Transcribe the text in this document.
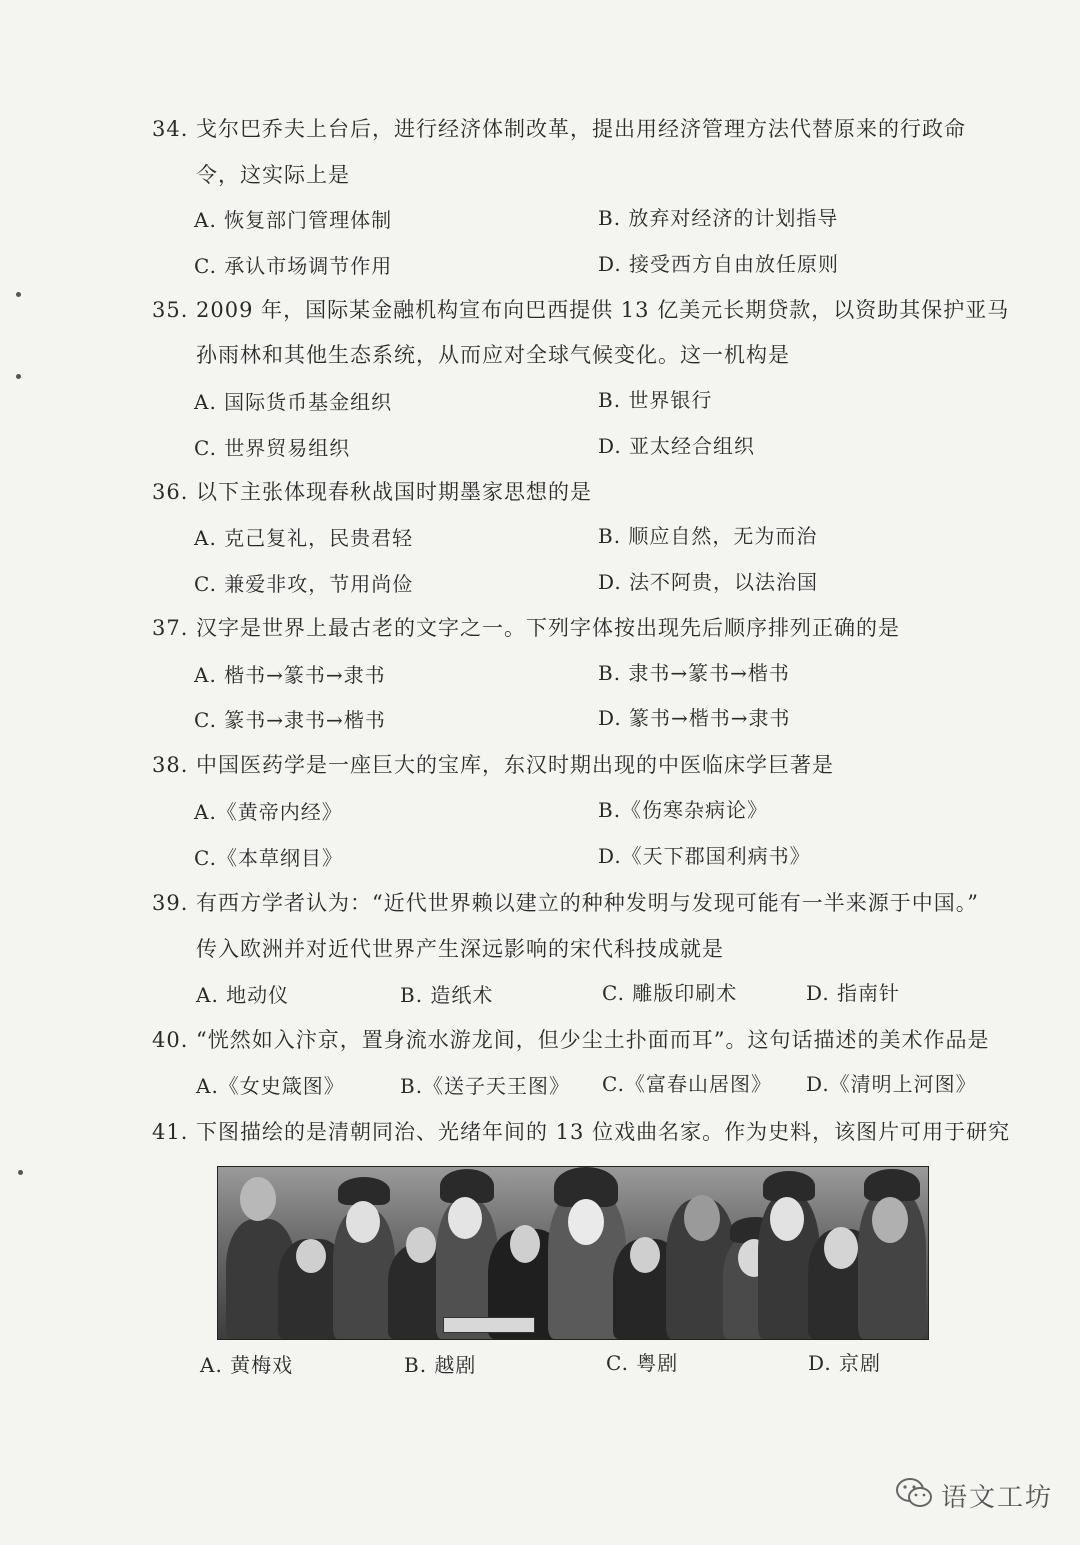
34. 戈尔巴乔夫上台后，进行经济体制改革，提出用经济管理方法代替原来的行政命
令，这实际上是
A. 恢复部门管理体制	B. 放弃对经济的计划指导
C. 承认市场调节作用	D. 接受西方自由放任原则
35. 2009 年，国际某金融机构宣布向巴西提供 13 亿美元长期贷款，以资助其保护亚马
孙雨林和其他生态系统，从而应对全球气候变化。这一机构是
A. 国际货币基金组织	B. 世界银行
C. 世界贸易组织	D. 亚太经合组织
36. 以下主张体现春秋战国时期墨家思想的是
A. 克己复礼，民贵君轻	B. 顺应自然，无为而治
C. 兼爱非攻，节用尚俭	D. 法不阿贵，以法治国
37. 汉字是世界上最古老的文字之一。下列字体按出现先后顺序排列正确的是
A. 楷书→篆书→隶书	B. 隶书→篆书→楷书
C. 篆书→隶书→楷书	D. 篆书→楷书→隶书
38. 中国医药学是一座巨大的宝库，东汉时期出现的中医临床学巨著是
A.《黄帝内经》	B.《伤寒杂病论》
C.《本草纲目》	D.《天下郡国利病书》
39. 有西方学者认为：“近代世界赖以建立的种种发明与发现可能有一半来源于中国。”
传入欧洲并对近代世界产生深远影响的宋代科技成就是
A. 地动仪	B. 造纸术	C. 雕版印刷术	D. 指南针
40. “恍然如入汴京，置身流水游龙间，但少尘土扑面而耳”。这句话描述的美术作品是
A.《女史箴图》	B.《送子天王图》 C.《富春山居图》 D.《清明上河图》
41. 下图描绘的是清朝同治、光绪年间的 13 位戏曲名家。作为史料，该图片可用于研究
A. 黄梅戏	B. 越剧	C. 粤剧	D. 京剧
语文工坊
